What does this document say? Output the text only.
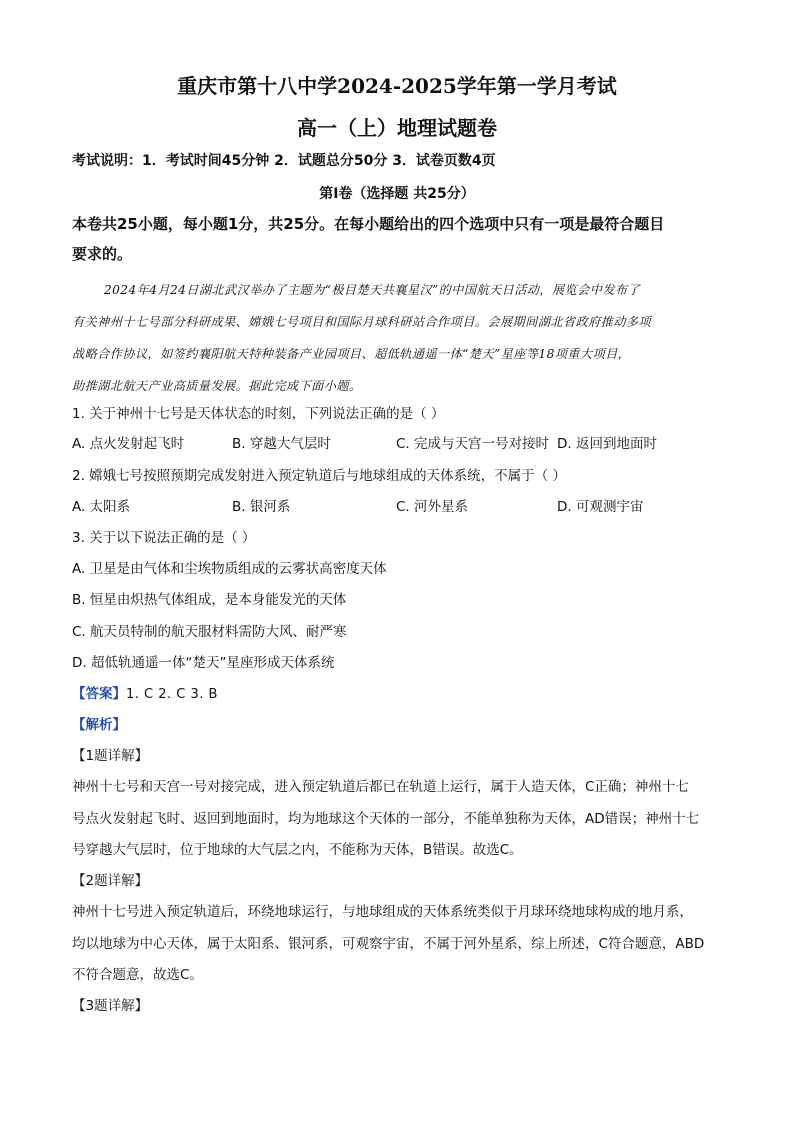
重庆市第十八中学2024-2025学年第一学月考试
高一（上）地理试题卷
考试说明：1．考试时间45分钟 2．试题总分50分 3．试卷页数4页
第Ⅰ卷（选择题 共25分）
本卷共25小题，每小题1分，共25分。在每小题给出的四个选项中只有一项是最符合题目
要求的。
2024年4月24日湖北武汉举办了主题为“极目楚天共襄星汉”的中国航天日活动，展览会中发布了
有关神州十七号部分科研成果、嫦娥七号项目和国际月球科研站合作项目。会展期间湖北省政府推动多项
战略合作协议，如签约襄阳航天特种装备产业园项目、超低轨通遥一体“楚天”星座等18项重大项目，
助推湖北航天产业高质量发展。据此完成下面小题。
1. 关于神州十七号是天体状态的时刻，下列说法正确的是（ ）
A. 点火发射起飞时	B. 穿越大气层时	C. 完成与天宫一号对接时 D. 返回到地面时
2. 嫦娥七号按照预期完成发射进入预定轨道后与地球组成的天体系统，不属于（ ）
A. 太阳系	B. 银河系	C. 河外星系	D. 可观测宇宙
3. 关于以下说法正确的是（ ）
A. 卫星是由气体和尘埃物质组成的云雾状高密度天体
B. 恒星由炽热气体组成，是本身能发光的天体
C. 航天员特制的航天服材料需防大风、耐严寒
D. 超低轨通遥一体“楚天”星座形成天体系统
【答案】1. C 2. C 3. B
【解析】
【1题详解】
神州十七号和天宫一号对接完成，进入预定轨道后都已在轨道上运行，属于人造天体，C正确；神州十七
号点火发射起飞时、返回到地面时，均为地球这个天体的一部分，不能单独称为天体，AD错误；神州十七
号穿越大气层时，位于地球的大气层之内，不能称为天体，B错误。故选C。
【2题详解】
神州十七号进入预定轨道后，环绕地球运行，与地球组成的天体系统类似于月球环绕地球构成的地月系，
均以地球为中心天体，属于太阳系、银河系，可观察宇宙，不属于河外星系，综上所述，C符合题意，ABD
不符合题意，故选C。
【3题详解】
